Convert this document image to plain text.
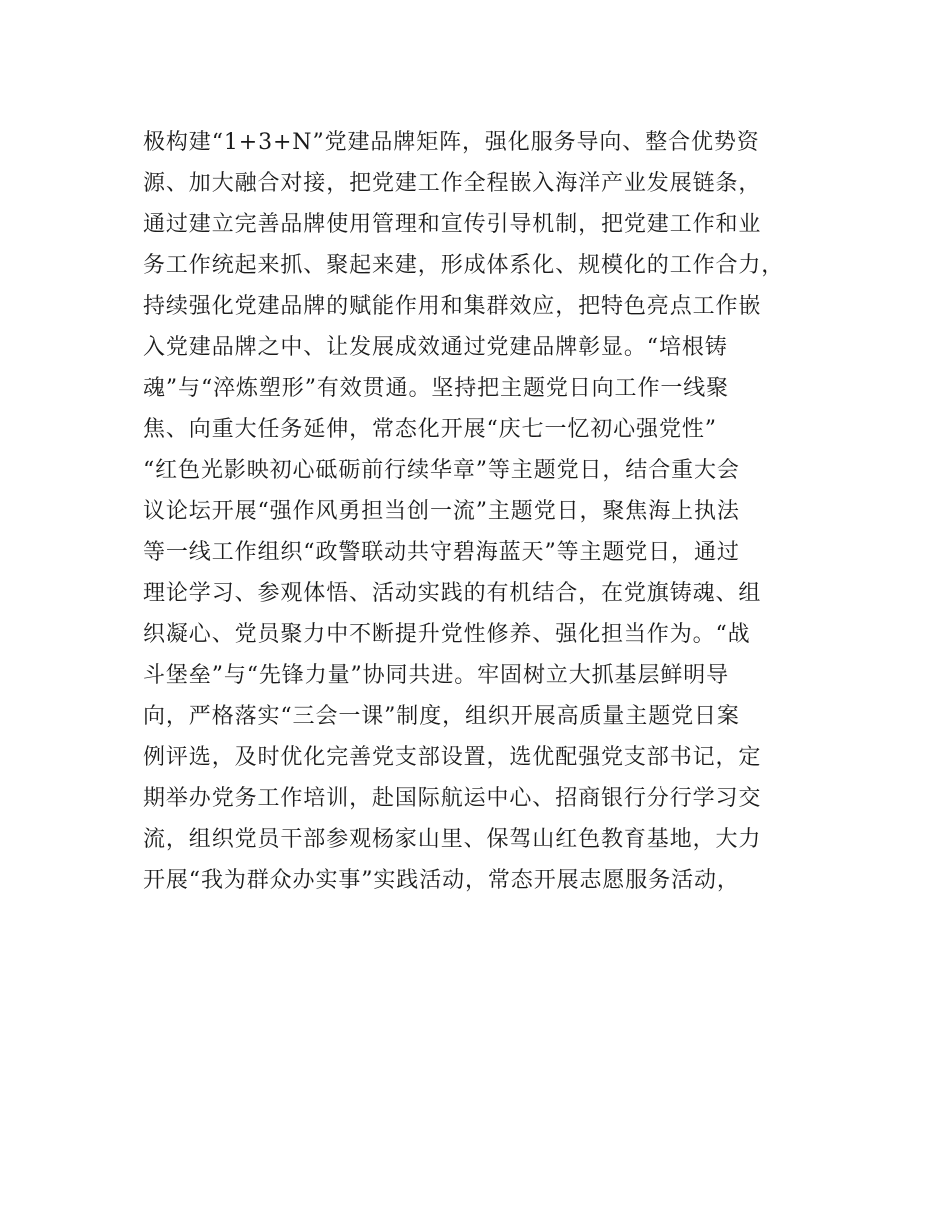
极构建“1+3+N”党建品牌矩阵，强化服务导向、整合优势资
源、加大融合对接，把党建工作全程嵌入海洋产业发展链条，
通过建立完善品牌使用管理和宣传引导机制，把党建工作和业
务工作统起来抓、聚起来建，形成体系化、规模化的工作合力，
持续强化党建品牌的赋能作用和集群效应，把特色亮点工作嵌
入党建品牌之中、让发展成效通过党建品牌彰显。“培根铸
魂”与“淬炼塑形”有效贯通。坚持把主题党日向工作一线聚
焦、向重大任务延伸，常态化开展“庆七一忆初心强党性”
“红色光影映初心砥砺前行续华章”等主题党日，结合重大会
议论坛开展“强作风勇担当创一流”主题党日，聚焦海上执法
等一线工作组织“政警联动共守碧海蓝天”等主题党日，通过
理论学习、参观体悟、活动实践的有机结合，在党旗铸魂、组
织凝心、党员聚力中不断提升党性修养、强化担当作为。“战
斗堡垒”与“先锋力量”协同共进。牢固树立大抓基层鲜明导
向，严格落实“三会一课”制度，组织开展高质量主题党日案
例评选，及时优化完善党支部设置，选优配强党支部书记，定
期举办党务工作培训，赴国际航运中心、招商银行分行学习交
流，组织党员干部参观杨家山里、保驾山红色教育基地，大力
开展“我为群众办实事”实践活动，常态开展志愿服务活动，
